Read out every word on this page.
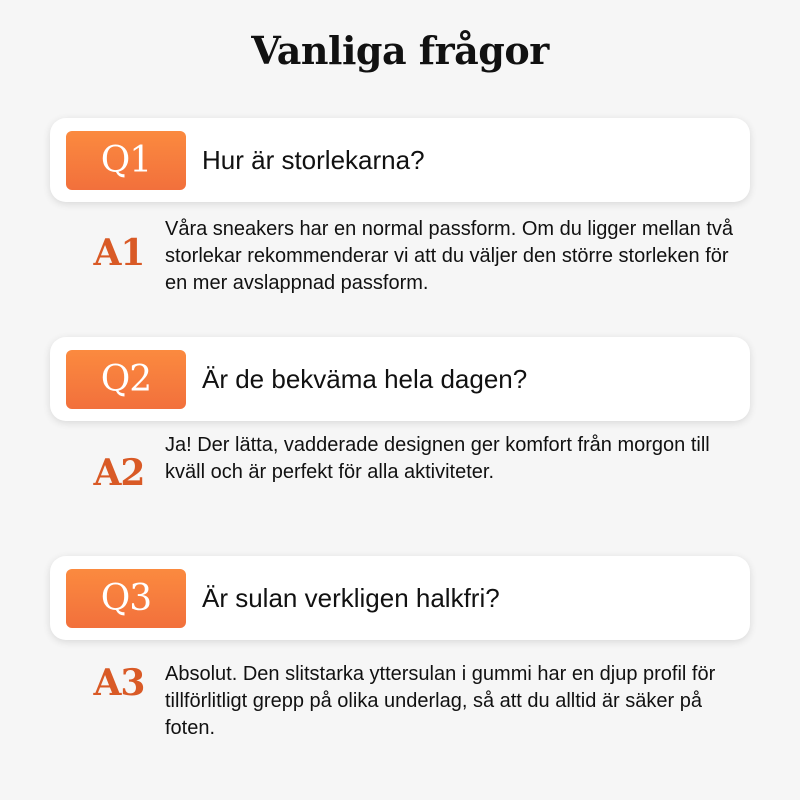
Vanliga frågor
Q1	Hur är storlekarna?
A1
Våra sneakers har en normal passform. Om du ligger mellan två storlekar rekommenderar vi att du väljer den större storleken för en mer avslappnad passform.
Q2	Är de bekväma hela dagen?
A2
Ja! Der lätta, vadderade designen ger komfort från morgon till kväll och är perfekt för alla aktiviteter.
Q3	Är sulan verkligen halkfri?
A3	Absolut. Den slitstarka yttersulan i gummi har en djup profil för tillförlitligt grepp på olika underlag, så att du alltid är säker på foten.
